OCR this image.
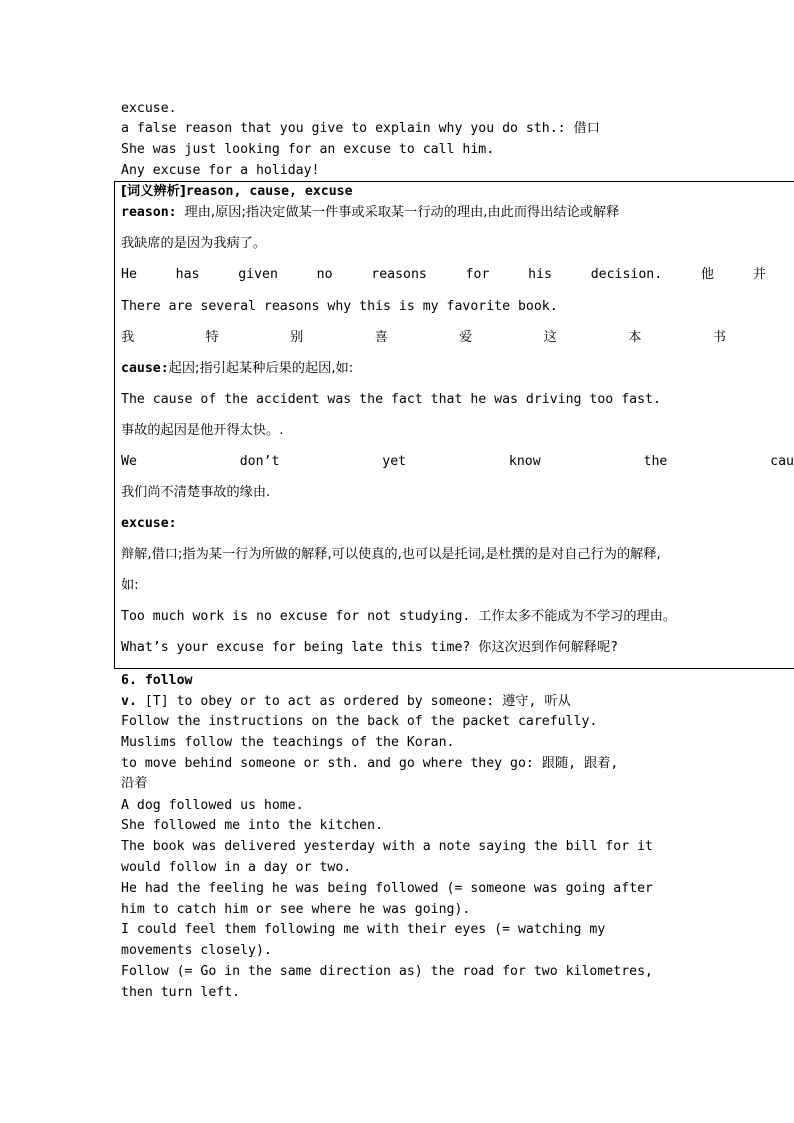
excuse.
a false reason that you give to explain why you do sth.: 借口
She was just looking for an excuse to call him.
Any excuse for a holiday!
[词义辨析]reason, cause, excuse
reason: 理由,原因;指决定做某一件事或采取某一行动的理由,由此而得出结论或解释
我缺席的是因为我病了。
He	has	given	no	reasons	for	his	decision.	他	并
There are several reasons why this is my favorite book.
我	特	别	喜	爱	这	本	书
cause:起因;指引起某种后果的起因,如:
The cause of the accident was the fact that he was driving too fast.
事故的起因是他开得太快。.
We	don’t	yet	know	the	cau
我们尚不清楚事故的缘由.
excuse:
辩解,借口;指为某一行为所做的解释,可以使真的,也可以是托词,是杜撰的是对自己行为的解释,
如:
Too much work is no excuse for not studying. 工作太多不能成为不学习的理由。
What’s your excuse for being late this time? 你这次迟到作何解释呢?
6. follow
v. [T] to obey or to act as ordered by someone: 遵守, 听从
Follow the instructions on the back of the packet carefully.
Muslims follow the teachings of the Koran.
to move behind someone or sth. and go where they go: 跟随, 跟着,
沿着
A dog followed us home.
She followed me into the kitchen.
The book was delivered yesterday with a note saying the bill for it
would follow in a day or two.
He had the feeling he was being followed (= someone was going after
him to catch him or see where he was going).
I could feel them following me with their eyes (= watching my
movements closely).
Follow (= Go in the same direction as) the road for two kilometres,
then turn left.
